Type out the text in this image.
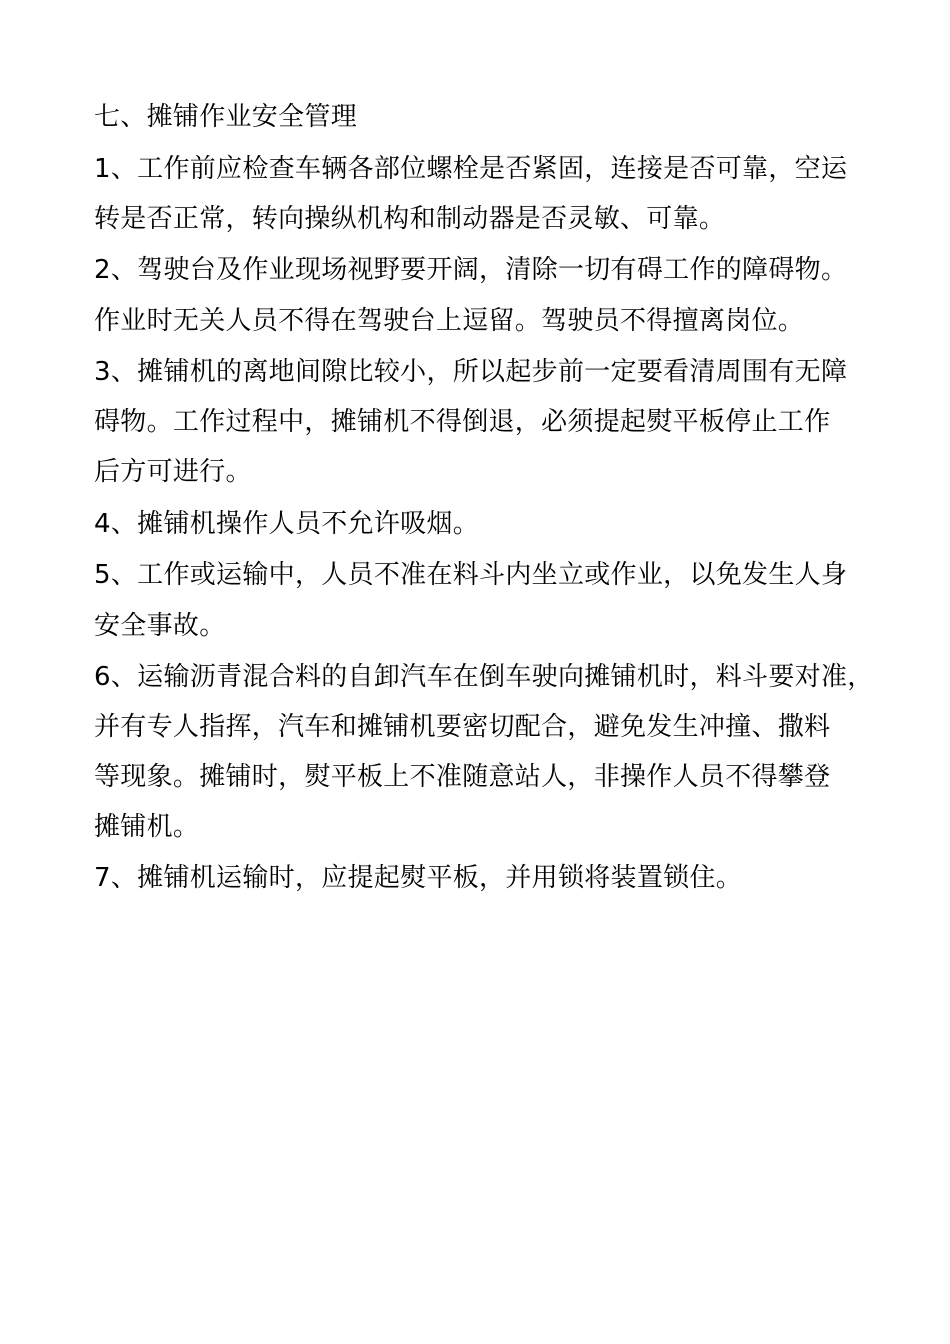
七、摊铺作业安全管理
1、工作前应检查车辆各部位螺栓是否紧固，连接是否可靠，空运
转是否正常，转向操纵机构和制动器是否灵敏、可靠。
2、驾驶台及作业现场视野要开阔，清除一切有碍工作的障碍物。
作业时无关人员不得在驾驶台上逗留。驾驶员不得擅离岗位。
3、摊铺机的离地间隙比较小，所以起步前一定要看清周围有无障
碍物。工作过程中，摊铺机不得倒退，必须提起熨平板停止工作
后方可进行。
4、摊铺机操作人员不允许吸烟。
5、工作或运输中，人员不准在料斗内坐立或作业，以免发生人身
安全事故。
6、运输沥青混合料的自卸汽车在倒车驶向摊铺机时，料斗要对准，
并有专人指挥，汽车和摊铺机要密切配合，避免发生冲撞、撒料
等现象。摊铺时，熨平板上不准随意站人，非操作人员不得攀登
摊铺机。
7、摊铺机运输时，应提起熨平板，并用锁将装置锁住。
